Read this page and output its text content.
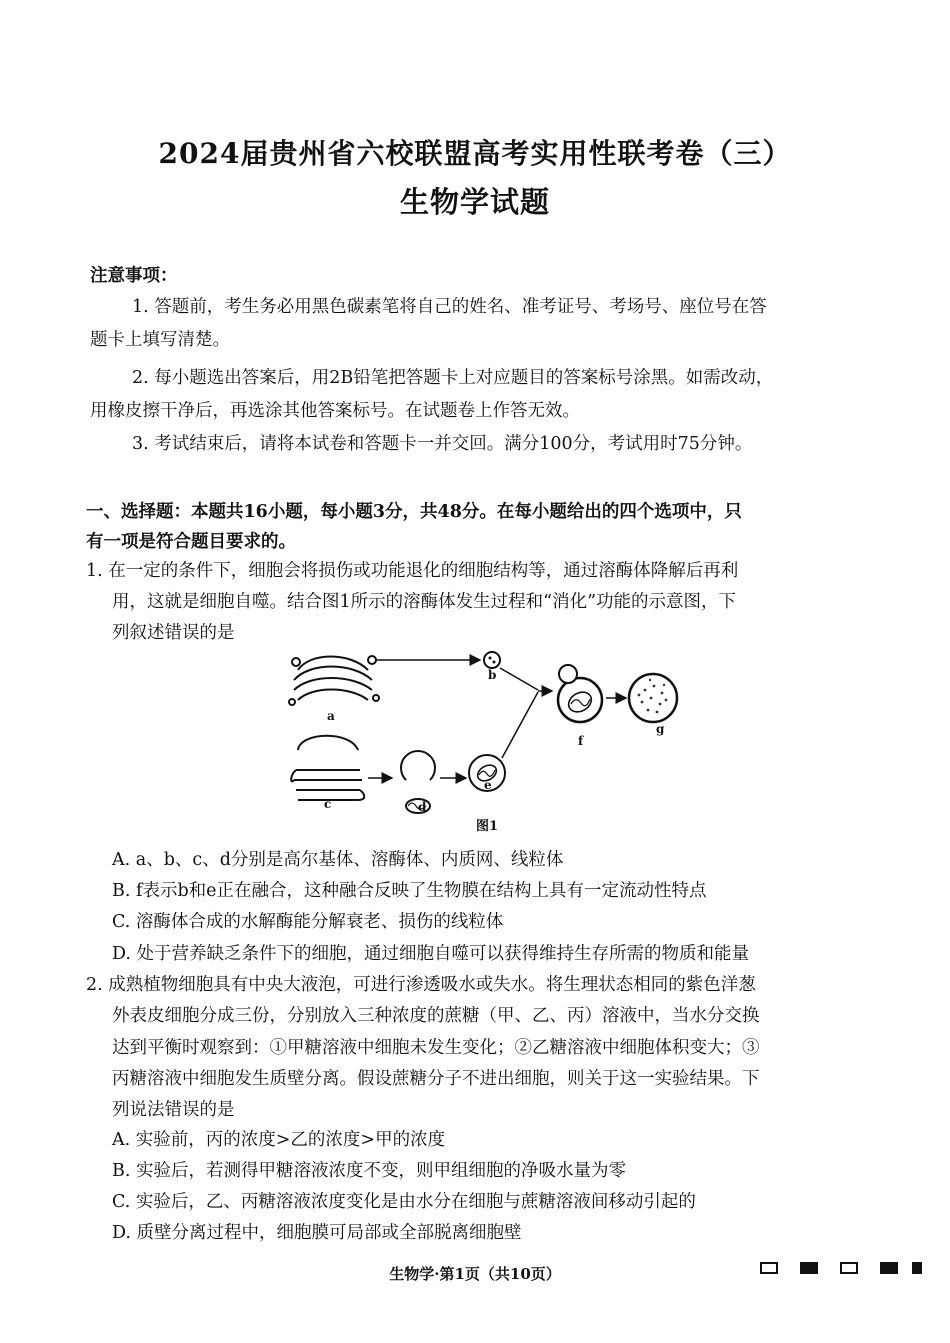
2024届贵州省六校联盟高考实用性联考卷（三）
生物学试题
注意事项：
1. 答题前，考生务必用黑色碳素笔将自己的姓名、准考证号、考场号、座位号在答
题卡上填写清楚。
2. 每小题选出答案后，用2B铅笔把答题卡上对应题目的答案标号涂黑。如需改动，
用橡皮擦干净后，再选涂其他答案标号。在试题卷上作答无效。
3. 考试结束后，请将本试卷和答题卡一并交回。满分100分，考试用时75分钟。
一、选择题：本题共16小题，每小题3分，共48分。在每小题给出的四个选项中，只
有一项是符合题目要求的。
1. 在一定的条件下，细胞会将损伤或功能退化的细胞结构等，通过溶酶体降解后再利
用，这就是细胞自噬。结合图1所示的溶酶体发生过程和“消化”功能的示意图，下
列叙述错误的是
a
b
c	d
e
f
g
图1
A. a、b、c、d分别是高尔基体、溶酶体、内质网、线粒体
B. f表示b和e正在融合，这种融合反映了生物膜在结构上具有一定流动性特点
C. 溶酶体合成的水解酶能分解衰老、损伤的线粒体
D. 处于营养缺乏条件下的细胞，通过细胞自噬可以获得维持生存所需的物质和能量
2. 成熟植物细胞具有中央大液泡，可进行渗透吸水或失水。将生理状态相同的紫色洋葱
外表皮细胞分成三份，分别放入三种浓度的蔗糖（甲、乙、丙）溶液中，当水分交换
达到平衡时观察到：①甲糖溶液中细胞未发生变化；②乙糖溶液中细胞体积变大；③
丙糖溶液中细胞发生质壁分离。假设蔗糖分子不进出细胞，则关于这一实验结果。下
列说法错误的是
A. 实验前，丙的浓度>乙的浓度>甲的浓度
B. 实验后，若测得甲糖溶液浓度不变，则甲组细胞的净吸水量为零
C. 实验后，乙、丙糖溶液浓度变化是由水分在细胞与蔗糖溶液间移动引起的
D. 质壁分离过程中，细胞膜可局部或全部脱离细胞壁
生物学·第1页（共10页）
